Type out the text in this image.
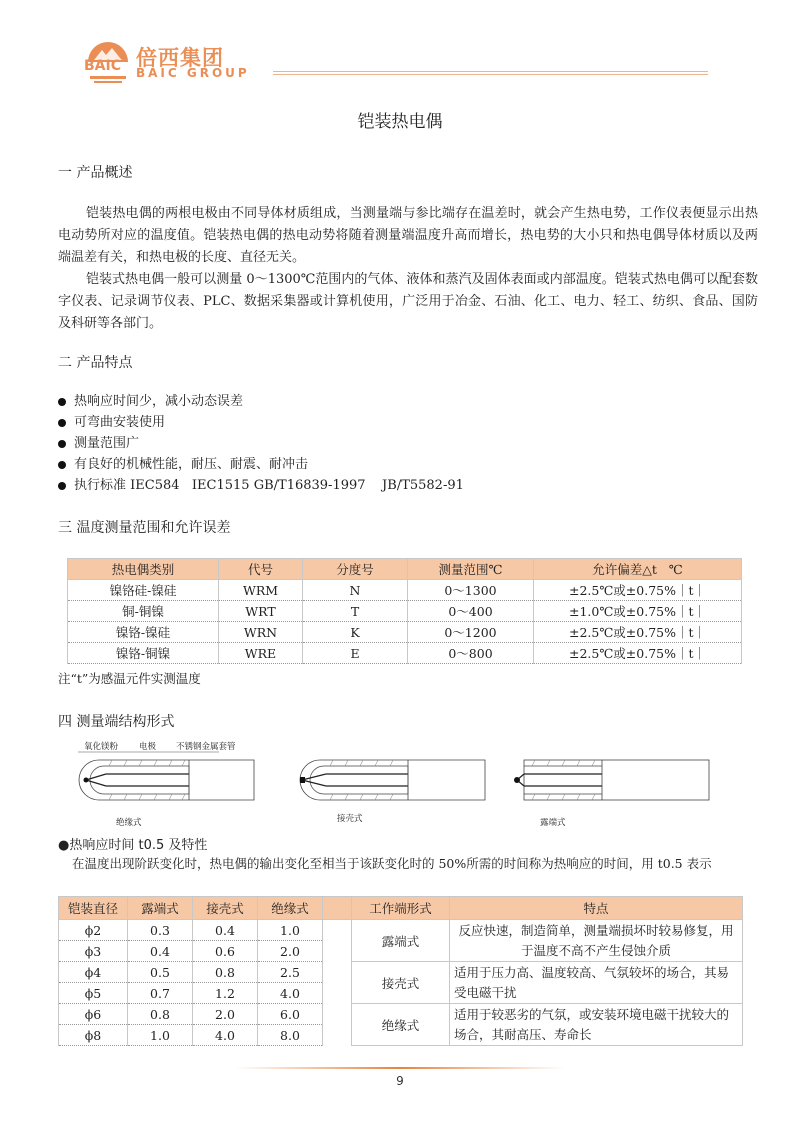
BAIC 倍西集团
BAIC GROUP
铠装热电偶
一 产品概述

铠装热电偶的两根电极由不同导体材质组成，当测量端与参比端存在温差时，就会产生热电势，工作仪表便显示出热电动势所对应的温度值。铠装热电偶的热电动势将随着测量端温度升高而增长，热电势的大小只和热电偶导体材质以及两端温差有关，和热电极的长度、直径无关。

铠装式热电偶一般可以测量 0～1300℃范围内的气体、液体和蒸汽及固体表面或内部温度。铠装式热电偶可以配套数字仪表、记录调节仪表、PLC、数据采集器或计算机使用，广泛用于冶金、石油、化工、电力、轻工、纺织、食品、国防及科研等各部门。

二 产品特点
热响应时间少，减小动态误差
可弯曲安装使用
测量范围广
有良好的机械性能，耐压、耐震、耐冲击
执行标准 IEC584   IEC1515 GB/T16839-1997    JB/T5582-91
三 温度测量范围和允许误差
热电偶类别	代号	分度号	测量范围℃	允许偏差△t   ℃
镍铬硅-镍硅	WRM	N	0～1300	±2.5℃或±0.75%｜t｜
铜-铜镍	WRT	T	0～400	±1.0℃或±0.75%｜t｜
镍铬-镍硅	WRN	K	0～1200	±2.5℃或±0.75%｜t｜
镍铬-铜镍	WRE	E	0～800	±2.5℃或±0.75%｜t｜
注“t”为感温元件实测温度
四 测量端结构形式
氧化镁粉 电极 不锈钢金属套管
绝缘式	接壳式	露端式
●热响应时间 t0.5 及特性

在温度出现阶跃变化时，热电偶的输出变化至相当于该跃变化时的 50%所需的时间称为热响应的时间，用 t0.5 表示

铠装直径	露端式	接壳式	绝缘式		工作端形式	特点
ϕ2	0.3	0.4	1.0		露端式	反应快速，制造简单，测量端损坏时较易修复，用于温度不高不产生侵蚀介质
ϕ3	0.4	0.6	2.0			
ϕ4	0.5	0.8	2.5		接壳式	适用于压力高、温度较高、气氛较坏的场合，其易受电磁干扰
ϕ5	0.7	1.2	4.0			
ϕ6	0.8	2.0	6.0		绝缘式	适用于较恶劣的气氛，或安装环境电磁干扰较大的场合，其耐高压、寿命长
ϕ8	1.0	4.0	8.0			
9
